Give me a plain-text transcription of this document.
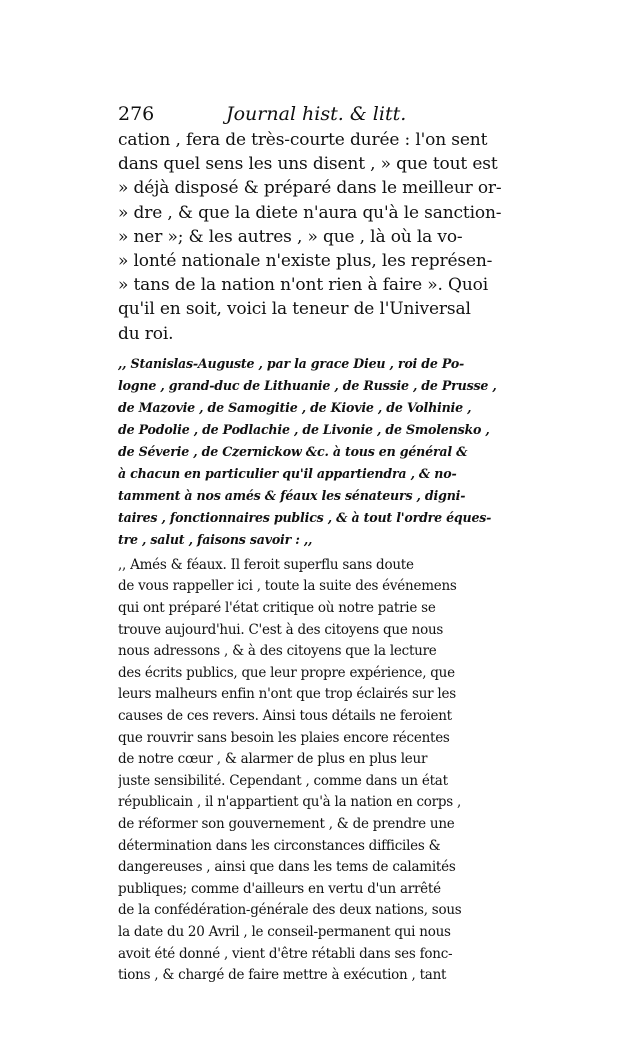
276	Journal hist. & litt.
cation , fera de très-courte durée : l'on sent
dans quel sens les uns disent , » que tout est
» déjà disposé & préparé dans le meilleur or-
» dre , & que la diete n'aura qu'à le sanction-
» ner »; & les autres , » que , là où la vo-
» lonté nationale n'existe plus, les représen-
» tans de la nation n'ont rien à faire ». Quoi
qu'il en soit, voici la teneur de l'Universal
du roi.
,, Stanislas-Auguste , par la grace Dieu , roi de Po-
logne , grand-duc de Lithuanie , de Russie , de Prusse ,
de Mazovie , de Samogitie , de Kiovie , de Volhinie ,
de Podolie , de Podlachie , de Livonie , de Smolensko ,
de Séverie , de Czernickow &c. à tous en général &
à chacun en particulier qu'il appartiendra , & no-
tamment à nos amés & féaux les sénateurs , digni-
taires , fonctionnaires publics , & à tout l'ordre éques-
tre , salut , faisons savoir : ,,
,, Amés & féaux. Il feroit superflu sans doute
de vous rappeller ici , toute la suite des événemens
qui ont préparé l'état critique où notre patrie se
trouve aujourd'hui. C'est à des citoyens que nous
nous adressons , & à des citoyens que la lecture
des écrits publics, que leur propre expérience, que
leurs malheurs enfin n'ont que trop éclairés sur les
causes de ces revers. Ainsi tous détails ne feroient
que rouvrir sans besoin les plaies encore récentes
de notre cœur , & alarmer de plus en plus leur
juste sensibilité. Cependant , comme dans un état
républicain , il n'appartient qu'à la nation en corps ,
de réformer son gouvernement , & de prendre une
détermination dans les circonstances difficiles &
dangereuses , ainsi que dans les tems de calamités
publiques; comme d'ailleurs en vertu d'un arrêté
de la confédération-générale des deux nations, sous
la date du 20 Avril , le conseil-permanent qui nous
avoit été donné , vient d'être rétabli dans ses fonc-
tions , & chargé de faire mettre à exécution , tant
